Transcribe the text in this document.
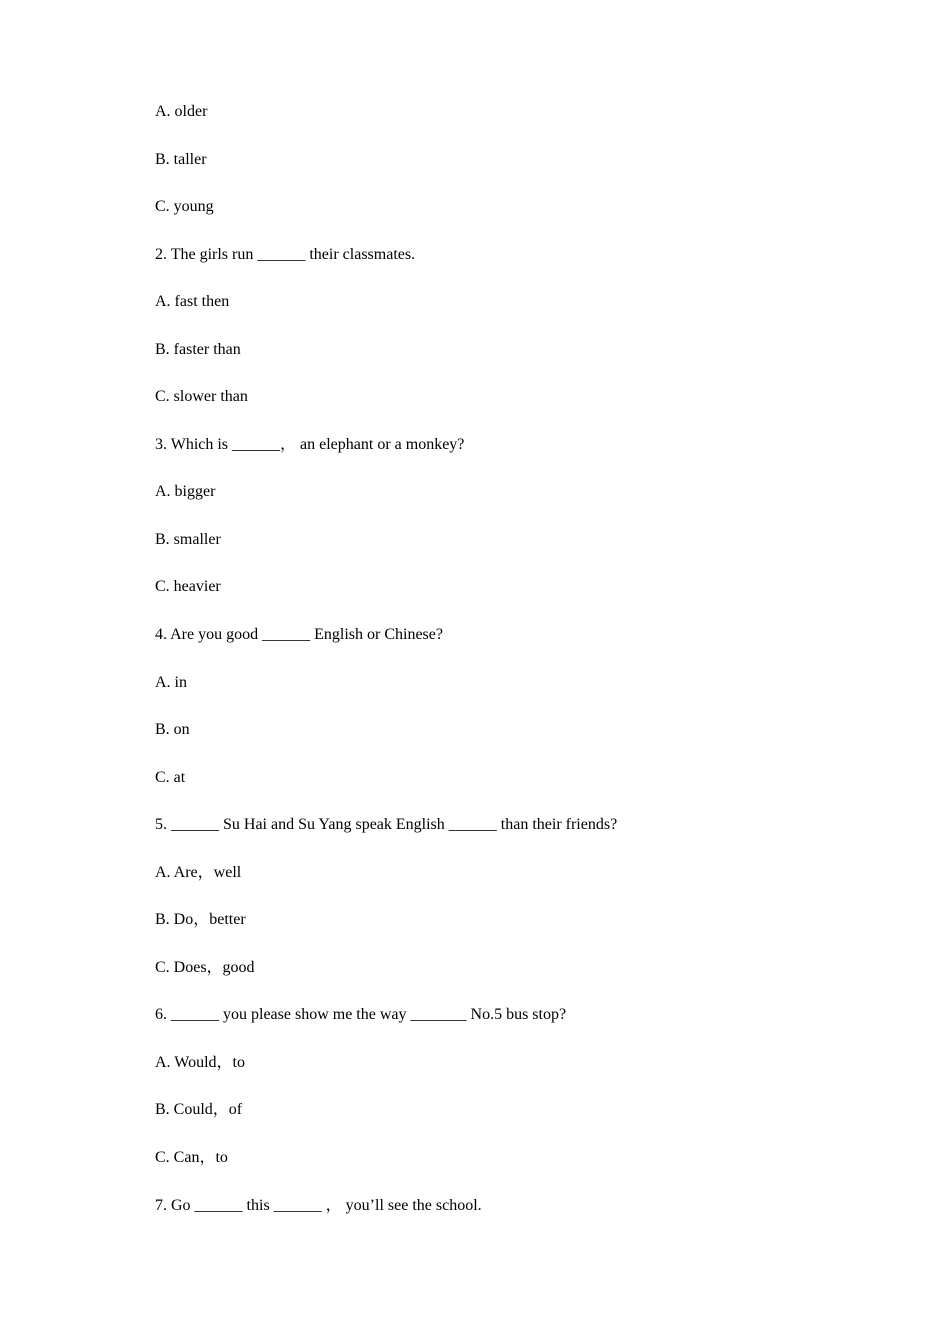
A. older
B. taller
C. young
2. The girls run ______ their classmates.
A. fast then
B. faster than
C. slower than
3. Which is ______， an elephant or a monkey?
A. bigger
B. smaller
C. heavier
4. Are you good ______ English or Chinese?
A. in
B. on
C. at
5. ______ Su Hai and Su Yang speak English ______ than their friends?
A. Are，well
B. Do，better
C. Does，good
6. ______ you please show me the way _______ No.5 bus stop?
A. Would，to
B. Could，of
C. Can，to
7. Go ______ this ______ ， you’ll see the school.
